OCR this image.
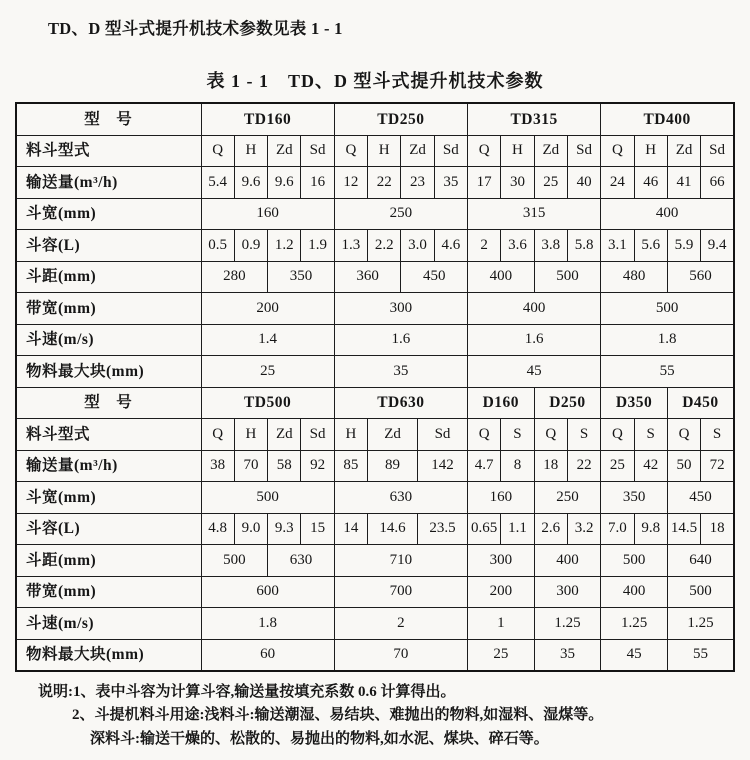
TD、D 型斗式提升机技术参数见表 1 - 1

表 1 - 1　TD、D 型斗式提升机技术参数
型　号	TD160				TD250					TD315				TD400			
料斗型式	Q	H	Zd	Sd	Q	H	Zd		Sd	Q	H	Zd	Sd	Q	H	Zd	Sd
输送量(m³/h)	5.4	9.6	9.6	16	12	22	23		35	17	30	25	40	24	46	41	66
斗宽(mm)	160				250					315				400			
斗容(L)	0.5	0.9	1.2	1.9	1.3	2.2	3.0		4.6	2	3.6	3.8	5.8	3.1	5.6	5.9	9.4
斗距(mm)	280		350		360		450			400		500		480		560	
带宽(mm)	200				300					400				500			
斗速(m/s)	1.4				1.6					1.6				1.8			
物料最大块(mm)	25				35					45				55			
型　号	TD500				TD630					D160		D250		D350		D450	
料斗型式	Q	H	Zd	Sd	H	Zd		Sd		Q	S	Q	S	Q	S	Q	S
输送量(m³/h)	38	70	58	92	85	89		142		4.7	8	18	22	25	42	50	72
斗宽(mm)	500				630					160		250		350		450	
斗容(L)	4.8	9.0	9.3	15	14	14.6		23.5		0.65	1.1	2.6	3.2	7.0	9.8	14.5	18
斗距(mm)	500		630		710					300		400		500		640	
带宽(mm)	600				700					200		300		400		500	
斗速(m/s)	1.8				2					1		1.25		1.25		1.25	
物料最大块(mm)	60				70					25		35		45		55	

说明:1、表中斗容为计算斗容,输送量按填充系数 0.6 计算得出。

2、斗提机料斗用途:浅料斗:输送潮湿、易结块、难抛出的物料,如湿料、湿煤等。

深料斗:输送干燥的、松散的、易抛出的物料,如水泥、煤块、碎石等。
